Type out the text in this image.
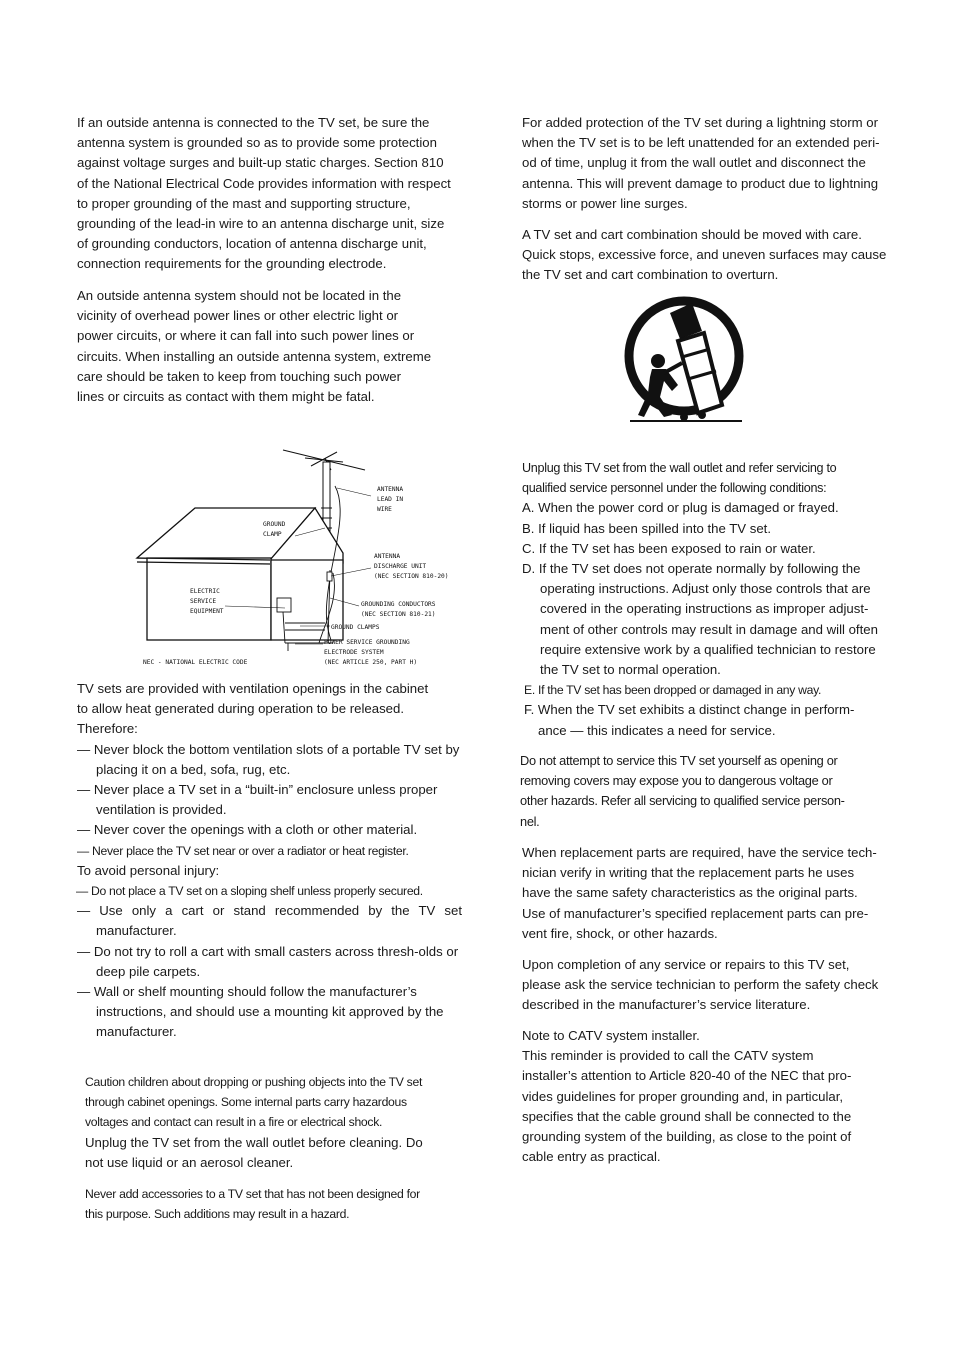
If an outside antenna is connected to the TV set, be sure the

antenna system is grounded so as to provide some protection

against voltage surges and built-up static charges. Section 810

of the National Electrical Code provides information with respect

to proper grounding of the mast and supporting structure,

grounding of the lead-in wire to an antenna discharge unit, size

of grounding conductors, location of antenna discharge unit,

connection requirements for the grounding electrode.

An outside antenna system should not be located in the

vicinity of overhead power lines or other electric light or

power circuits, or where it can fall into such power lines or

circuits. When installing an outside antenna system, extreme

care should be taken to keep from touching such power

lines or circuits as contact with them might be fatal.

ANTENNA
LEAD IN
WIRE
GROUND
CLAMP
ANTENNA
DISCHARGE UNIT
(NEC SECTION 810-20)
ELECTRIC
SERVICE
EQUIPMENT
GROUNDING CONDUCTORS
(NEC SECTION 810-21)
GROUND CLAMPS
POWER SERVICE GROUNDING
ELECTRODE SYSTEM
(NEC ARTICLE 250, PART H)
NEC - NATIONAL ELECTRIC CODE

TV sets are provided with ventilation openings in the cabinet

to allow heat generated during operation to be released.

Therefore:

— Never block the bottom ventilation slots of a portable TV set by placing it on a bed, sofa, rug, etc.

— Never place a TV set in a “built-in” enclosure unless proper ventilation is provided.

— Never cover the openings with a cloth or other material.

— Never place the TV set near or over a radiator or heat register.

To avoid personal injury:

— Do not place a TV set on a sloping shelf unless properly secured.

— Use only a cart or stand recommended by the TV set manufacturer.

— Do not try to roll a cart with small casters across thresh-olds or deep pile carpets.

— Wall or shelf mounting should follow the manufacturer’s instructions, and should use a mounting kit approved by the manufacturer.

Caution children about dropping or pushing objects into the TV set

through cabinet openings. Some internal parts carry hazardous

voltages and contact can result in a fire or electrical shock.

Unplug the TV set from the wall outlet before cleaning. Do

not use liquid or an aerosol cleaner.

Never add accessories to a TV set that has not been designed for

this purpose. Such additions may result in a hazard.

For added protection of the TV set during a lightning storm or

when the TV set is to be left unattended for an extended peri-

od of time, unplug it from the wall outlet and disconnect the

antenna. This will prevent damage to product due to lightning

storms or power line surges.

A TV set and cart combination should be moved with care.

Quick stops, excessive force, and uneven surfaces may cause

the TV set and cart combination to overturn.

Unplug this TV set from the wall outlet and refer servicing to

qualified service personnel under the following conditions:

A. When the power cord or plug is damaged or frayed.

B. If liquid has been spilled into the TV set.

C. If the TV set has been exposed to rain or water.

D. If the TV set does not operate normally by following the

operating instructions. Adjust only those controls that are

covered in the operating instructions as improper adjust-

ment of other controls may result in damage and will often

require extensive work by a qualified technician to restore

the TV set to normal operation.

E. If the TV set has been dropped or damaged in any way.

F. When the TV set exhibits a distinct change in perform-

ance — this indicates a need for service.

Do not attempt to service this TV set yourself as opening or

removing covers may expose you to dangerous voltage or

other hazards. Refer all servicing to qualified service person-

nel.

When replacement parts are required, have the service tech-

nician verify in writing that the replacement parts he uses

have the same safety characteristics as the original parts.

Use of manufacturer’s specified replacement parts can pre-

vent fire, shock, or other hazards.

Upon completion of any service or repairs to this TV set,

please ask the service technician to perform the safety check

described in the manufacturer’s service literature.

Note to CATV system installer.

This reminder is provided to call the CATV system

installer’s attention to Article 820-40 of the NEC that pro-

vides guidelines for proper grounding and, in particular,

specifies that the cable ground shall be connected to the

grounding system of the building, as close to the point of

cable entry as practical.
